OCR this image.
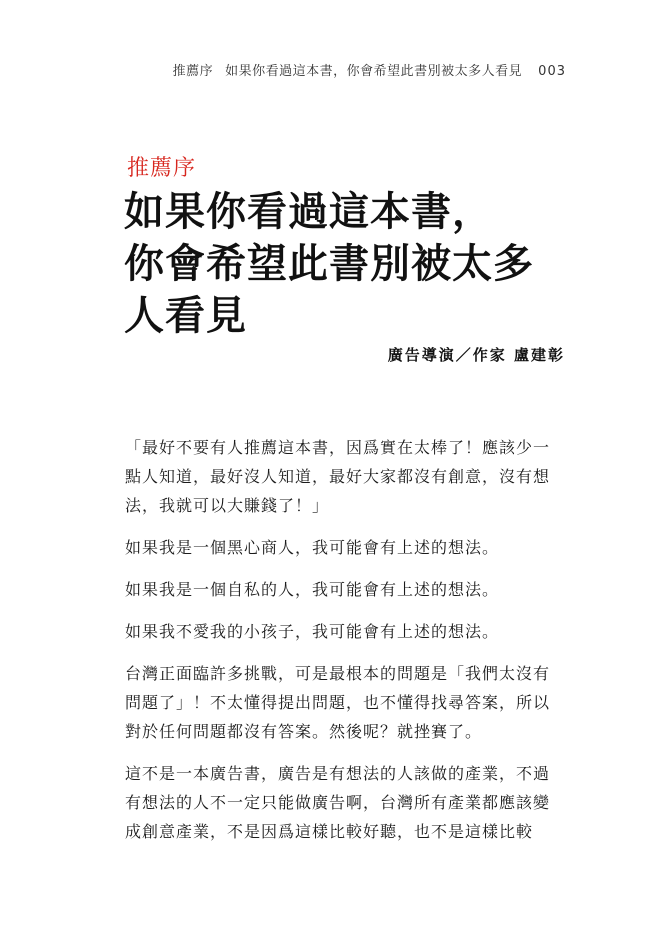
推薦序 如果你看過這本書，你會希望此書別被太多人看見 003
推薦序
如果你看過這本書，
你會希望此書別被太多
人看見
廣告導演／作家 盧建彰

「最好不要有人推薦這本書，因爲實在太棒了！應該少一
點人知道，最好沒人知道，最好大家都沒有創意，沒有想
法，我就可以大賺錢了！」

如果我是一個黑心商人，我可能會有上述的想法。

如果我是一個自私的人，我可能會有上述的想法。

如果我不愛我的小孩子，我可能會有上述的想法。

台灣正面臨許多挑戰，可是最根本的問題是「我們太沒有
問題了」！不太懂得提出問題，也不懂得找尋答案，所以
對於任何問題都沒有答案。然後呢？就挫賽了。

這不是一本廣告書，廣告是有想法的人該做的產業，不過
有想法的人不一定只能做廣告啊，台灣所有產業都應該變
成創意產業，不是因爲這樣比較好聽，也不是這樣比較
